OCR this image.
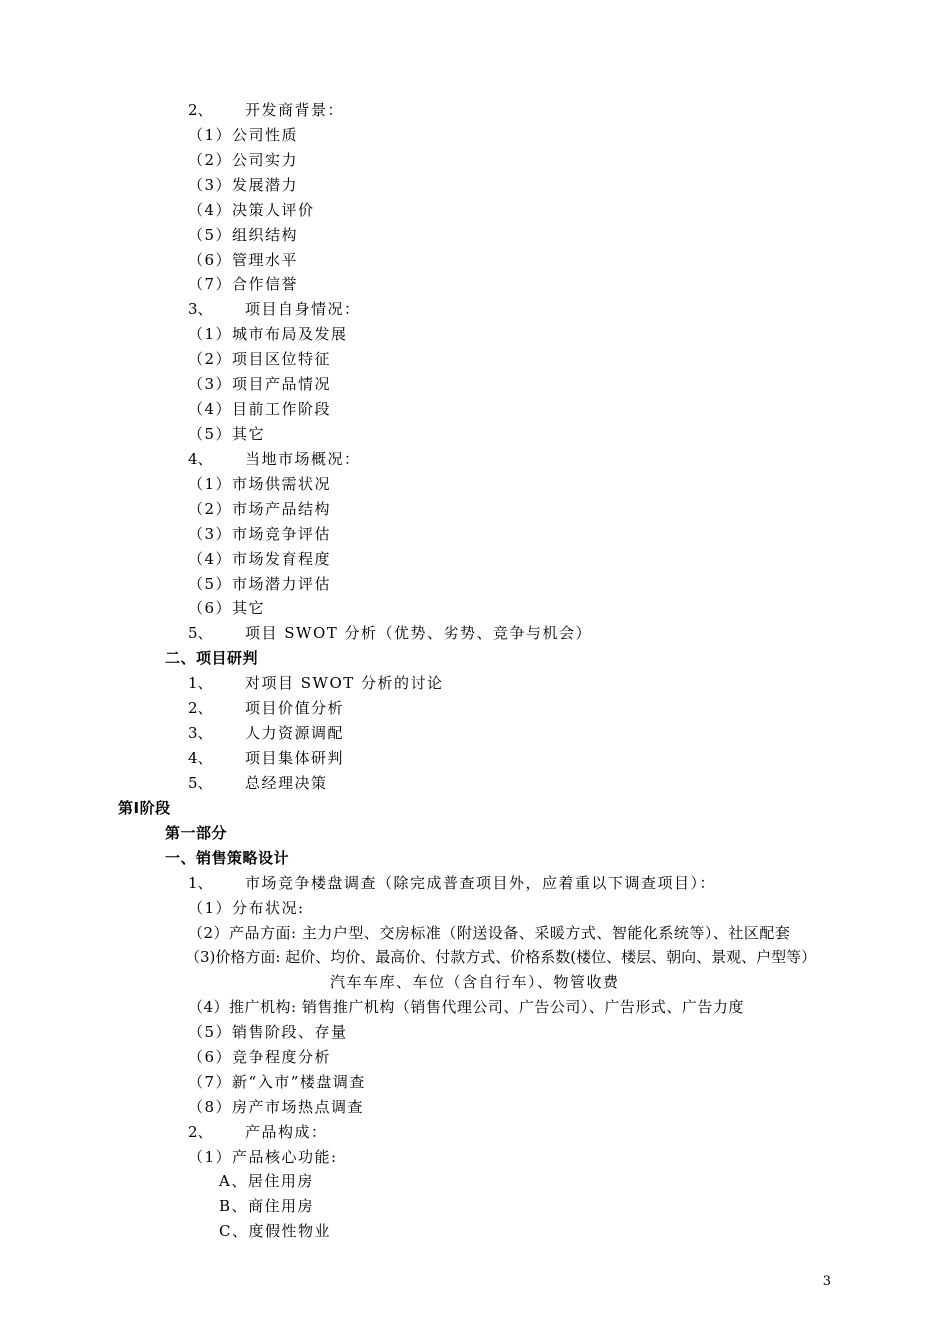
2、 开发商背景：
（1）公司性质
（2）公司实力
（3）发展潜力
（4）决策人评价
（5）组织结构
（6）管理水平
（7）合作信誉
3、 项目自身情况：
（1）城市布局及发展
（2）项目区位特征
（3）项目产品情况
（4）目前工作阶段
（5）其它
4、 当地市场概况：
（1）市场供需状况
（2）市场产品结构
（3）市场竞争评估
（4）市场发育程度
（5）市场潜力评估
（6）其它
5、 项目 SWOT 分析（优势、劣势、竞争与机会）
二、项目研判
1、 对项目 SWOT 分析的讨论
2、 项目价值分析
3、 人力资源调配
4、 项目集体研判
5、 总经理决策
第Ⅰ阶段
第一部分
一、销售策略设计
1、 市场竞争楼盘调查（除完成普查项目外，应着重以下调查项目）：
（1）分布状况:
（2）产品方面: 主力户型、交房标准（附送设备、采暖方式、智能化系统等）、社区配套
（3)价格方面: 起价、均价、最高价、付款方式、价格系数(楼位、楼层、朝向、景观、户型等）
汽车车库、车位（含自行车）、物管收费
（4）推广机构: 销售推广机构（销售代理公司、广告公司）、广告形式、广告力度
（5）销售阶段、存量
（6）竞争程度分析
（7）新“入市”楼盘调查
（8）房产市场热点调查
2、 产品构成：
（1）产品核心功能:
A、居住用房
B、商住用房
C、度假性物业
3
